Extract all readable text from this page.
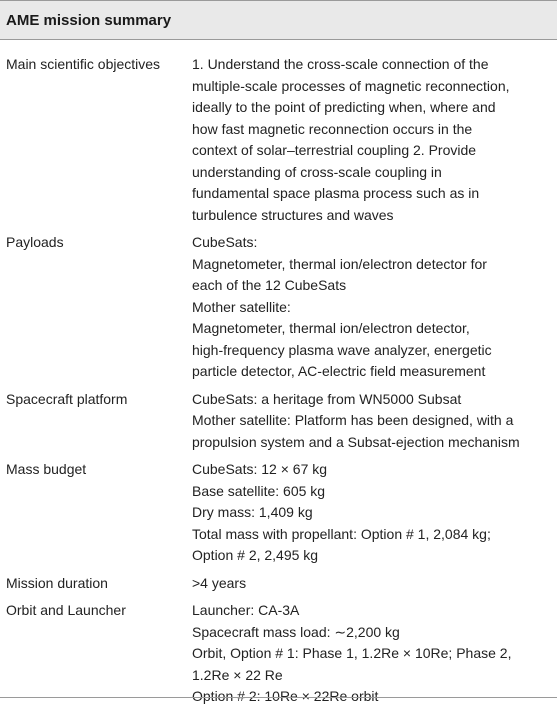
AME mission summary
Main scientific objectives	1. Understand the cross-scale connection of the
multiple-scale processes of magnetic reconnection,
ideally to the point of predicting when, where and
how fast magnetic reconnection occurs in the
context of solar–terrestrial coupling 2. Provide
understanding of cross-scale coupling in
fundamental space plasma process such as in
turbulence structures and waves
Payloads	CubeSats:
Magnetometer, thermal ion/electron detector for
each of the 12 CubeSats
Mother satellite:
Magnetometer, thermal ion/electron detector,
high-frequency plasma wave analyzer, energetic
particle detector, AC-electric field measurement
Spacecraft platform	CubeSats: a heritage from WN5000 Subsat
Mother satellite: Platform has been designed, with a
propulsion system and a Subsat-ejection mechanism
Mass budget	CubeSats: 12 × 67 kg
Base satellite: 605 kg
Dry mass: 1,409 kg
Total mass with propellant: Option # 1, 2,084 kg;
Option # 2, 2,495 kg
Mission duration	>4 years
Orbit and Launcher	Launcher: CA-3A
Spacecraft mass load: ∼2,200 kg
Orbit, Option # 1: Phase 1, 1.2Re × 10Re; Phase 2,
1.2Re × 22 Re
Option # 2: 10Re × 22Re orbit
